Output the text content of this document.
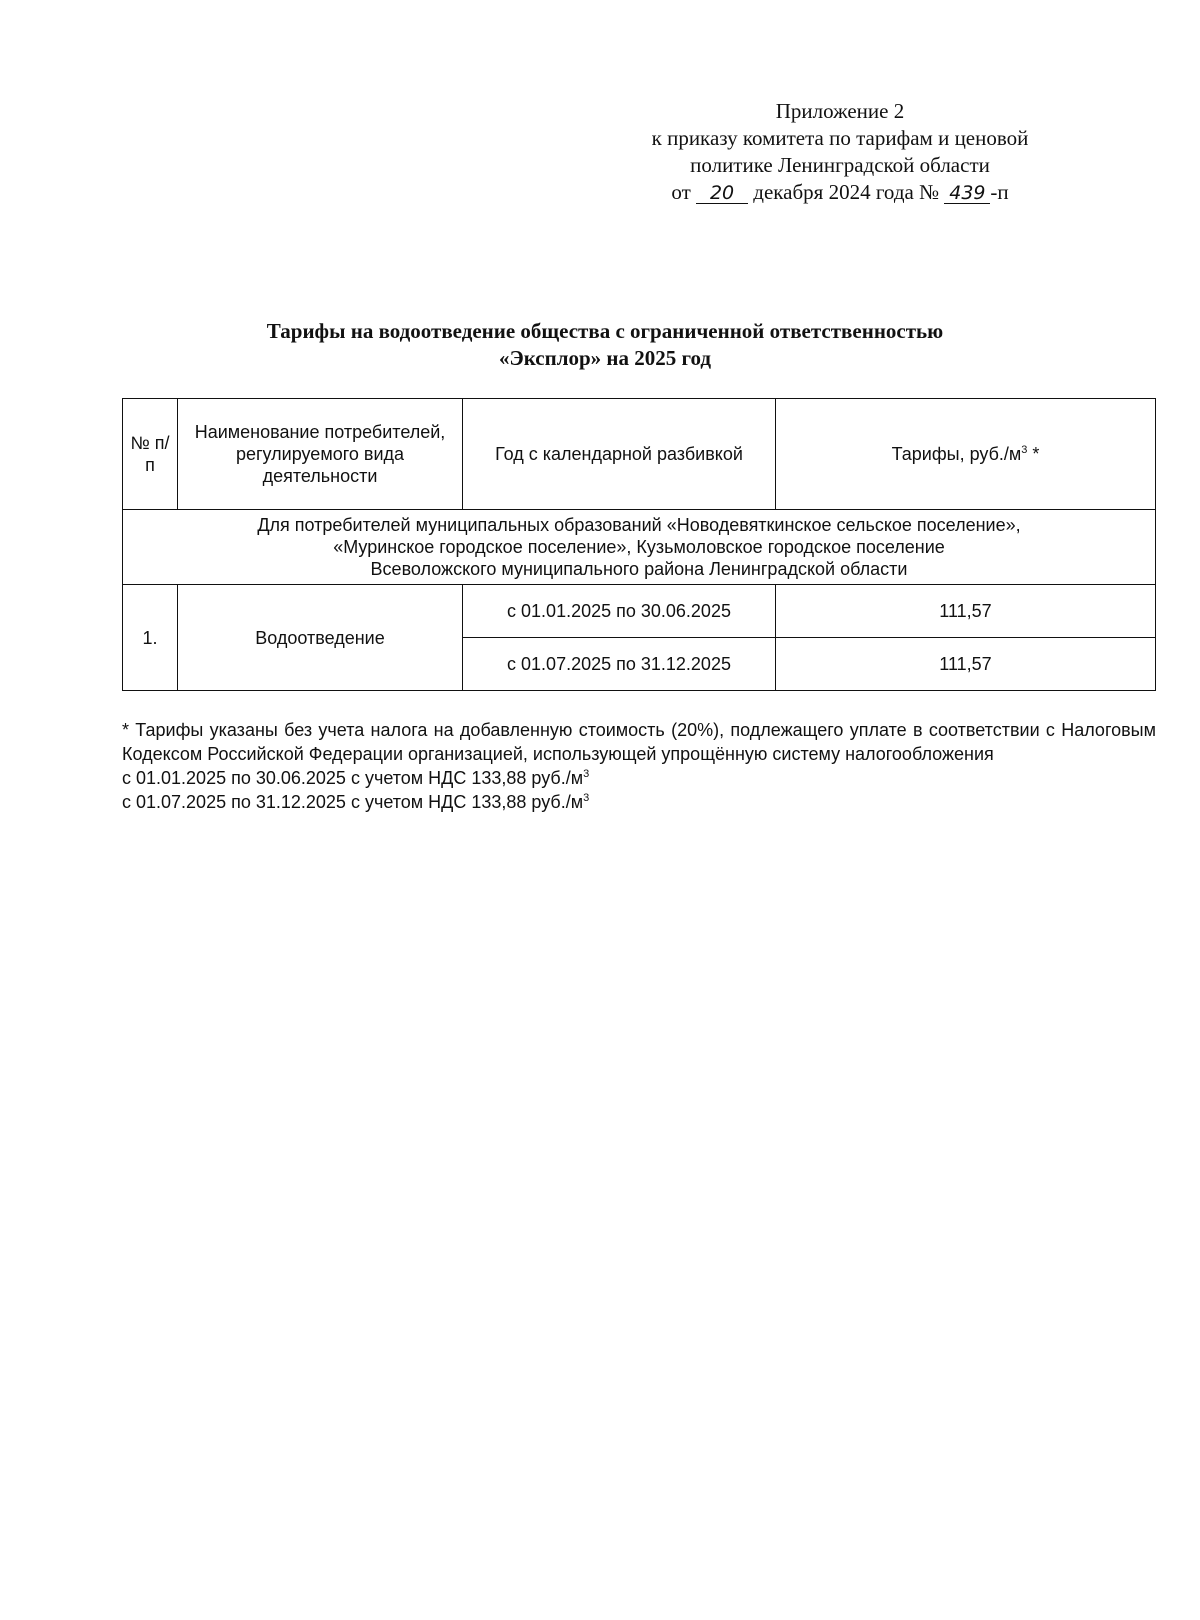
Приложение 2
к приказу комитета по тарифам и ценовой
политике Ленинградской области
от 20 декабря 2024 года № 439 -п
Тарифы на водоотведение общества с ограниченной ответственностью
«Эксплор» на 2025 год
№ п/п	Наименование потребителей, регулируемого вида деятельности	Год с календарной разбивкой	Тарифы, $руб./м^3$ *

Для потребителей муниципальных образований «Новодевяткинское сельское поселение»,
«Муринское городское поселение», Кузьмоловское городское поселение
Всеволожского муниципального района Ленинградской области			

1.	Водоотведение	с 01.01.2025 по 30.06.2025	111,57
		с 01.07.2025 по 31.12.2025	111,57
* Тарифы указаны без учета налога на добавленную стоимость (20%), подлежащего уплате в соответствии с Налоговым Кодексом Российской Федерации организацией, использующей упрощённую систему налогообложения
с 01.01.2025 по 30.06.2025 с учетом НДС 133,88 $руб./м^3$
с 01.07.2025 по 31.12.2025 с учетом НДС 133,88 $руб./м^3$
